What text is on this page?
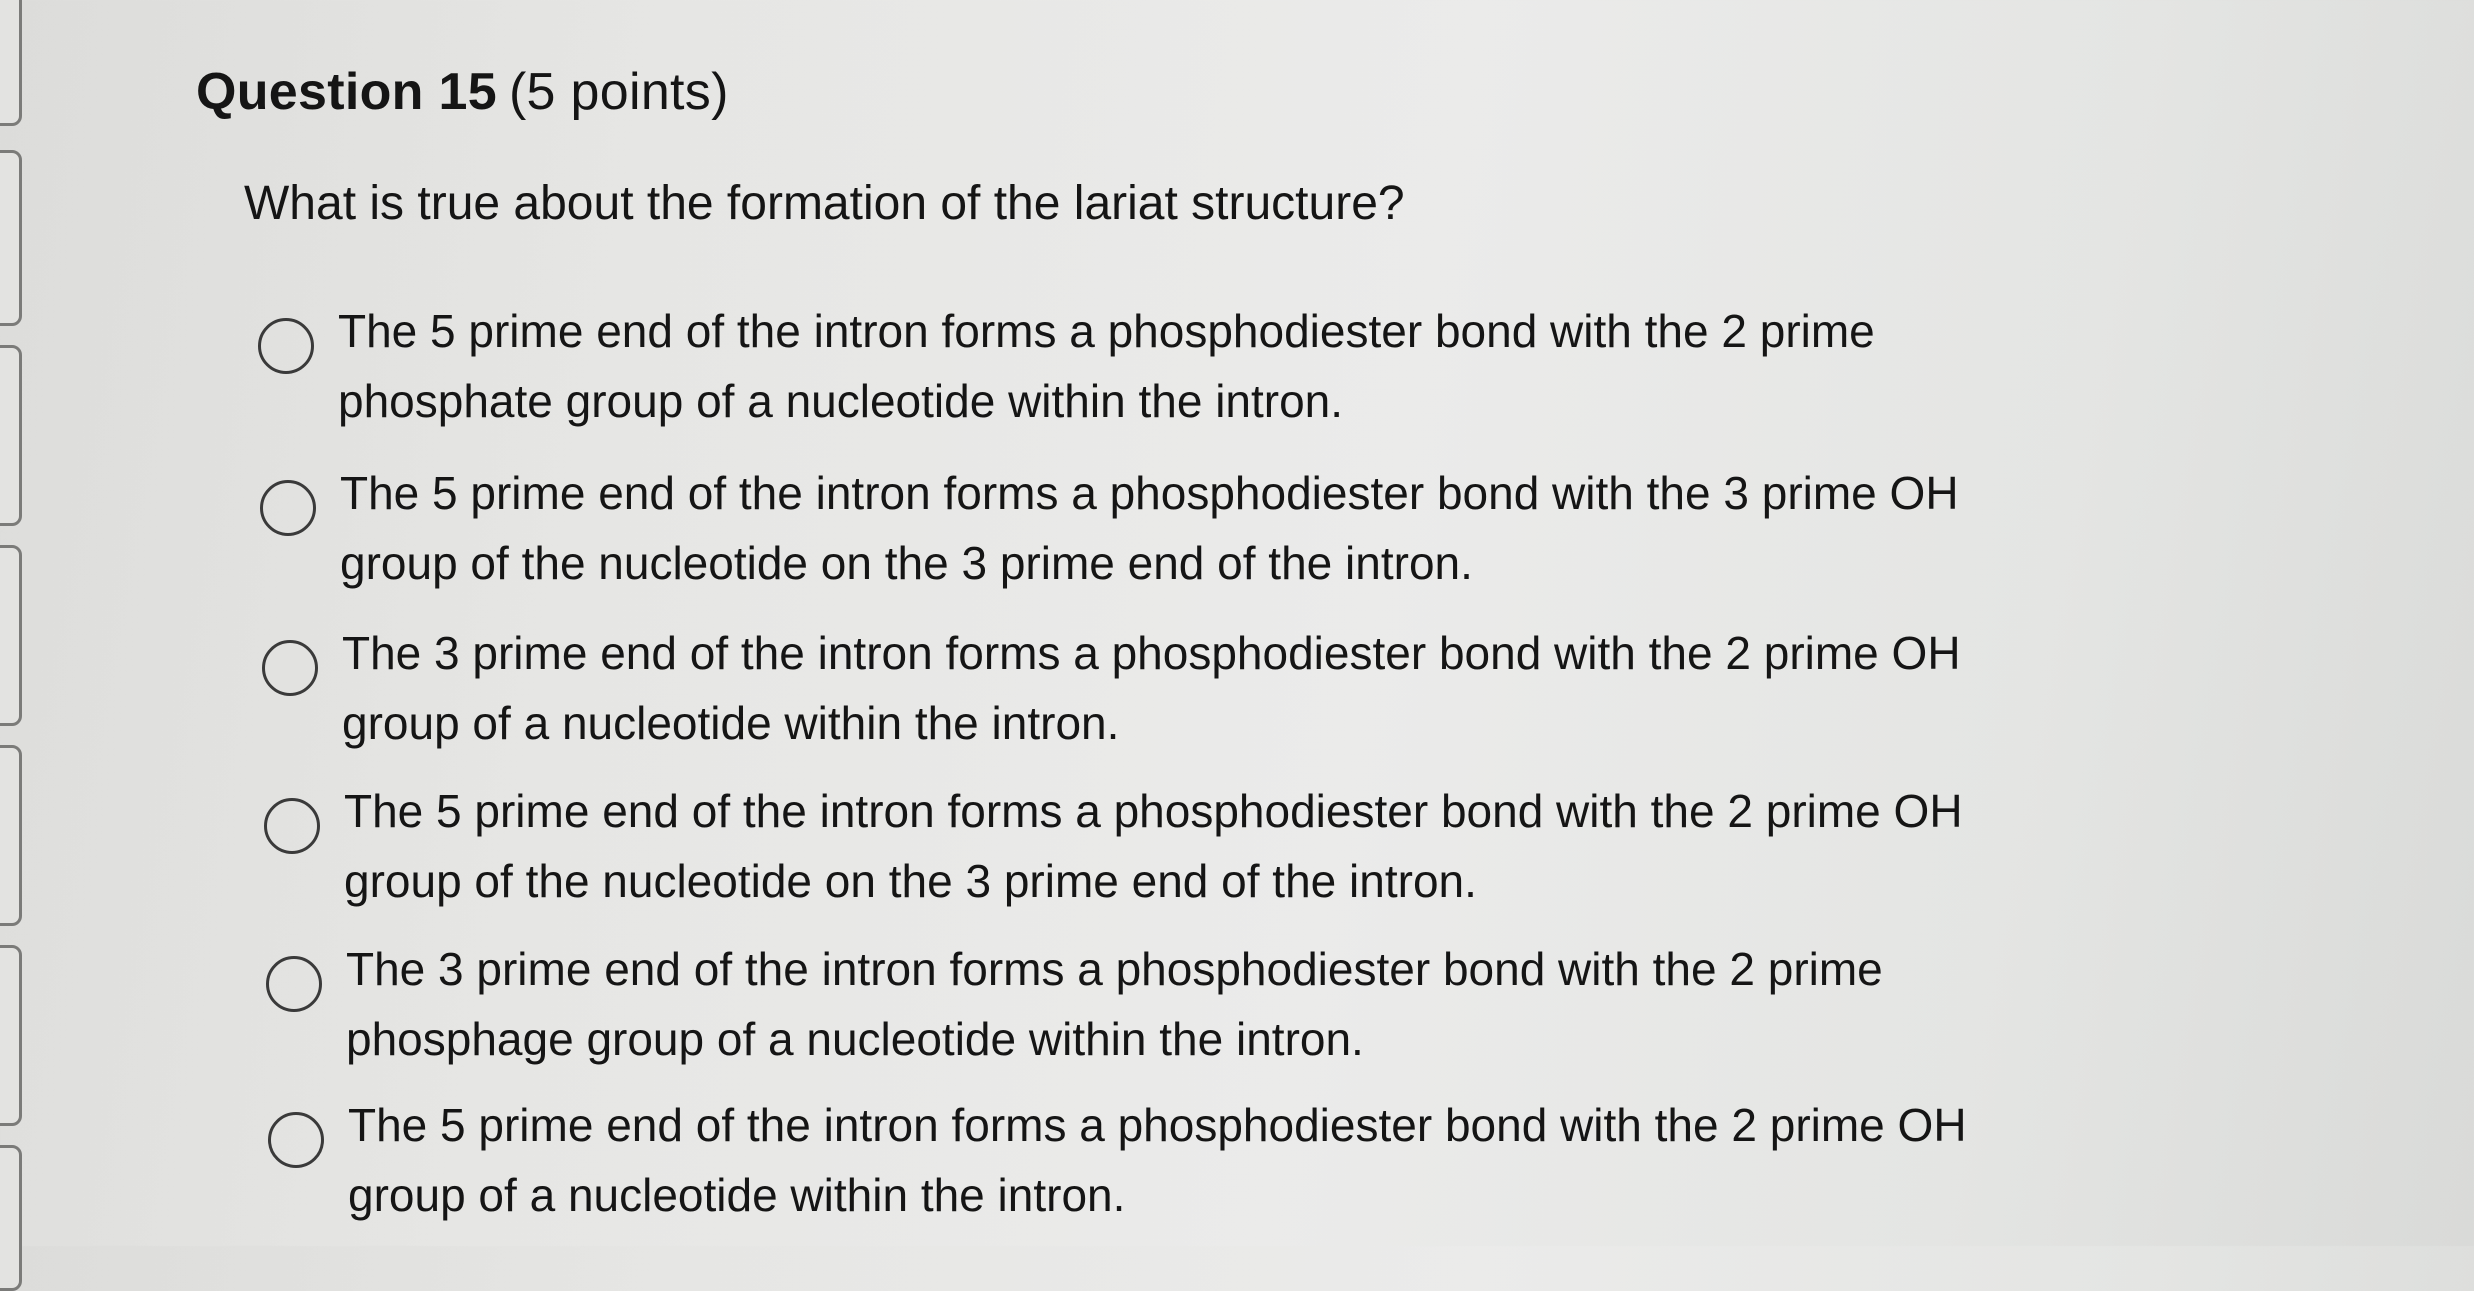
Question 15 (5 points)
What is true about the formation of the lariat structure?
The 5 prime end of the intron forms a phosphodiester bond with the 2 prime
phosphate group of a nucleotide within the intron.
The 5 prime end of the intron forms a phosphodiester bond with the 3 prime OH
group of the nucleotide on the 3 prime end of the intron.
The 3 prime end of the intron forms a phosphodiester bond with the 2 prime OH
group of a nucleotide within the intron.
The 5 prime end of the intron forms a phosphodiester bond with the 2 prime OH
group of the nucleotide on the 3 prime end of the intron.
The 3 prime end of the intron forms a phosphodiester bond with the 2 prime
phosphage group of a nucleotide within the intron.
The 5 prime end of the intron forms a phosphodiester bond with the 2 prime OH
group of a nucleotide within the intron.
